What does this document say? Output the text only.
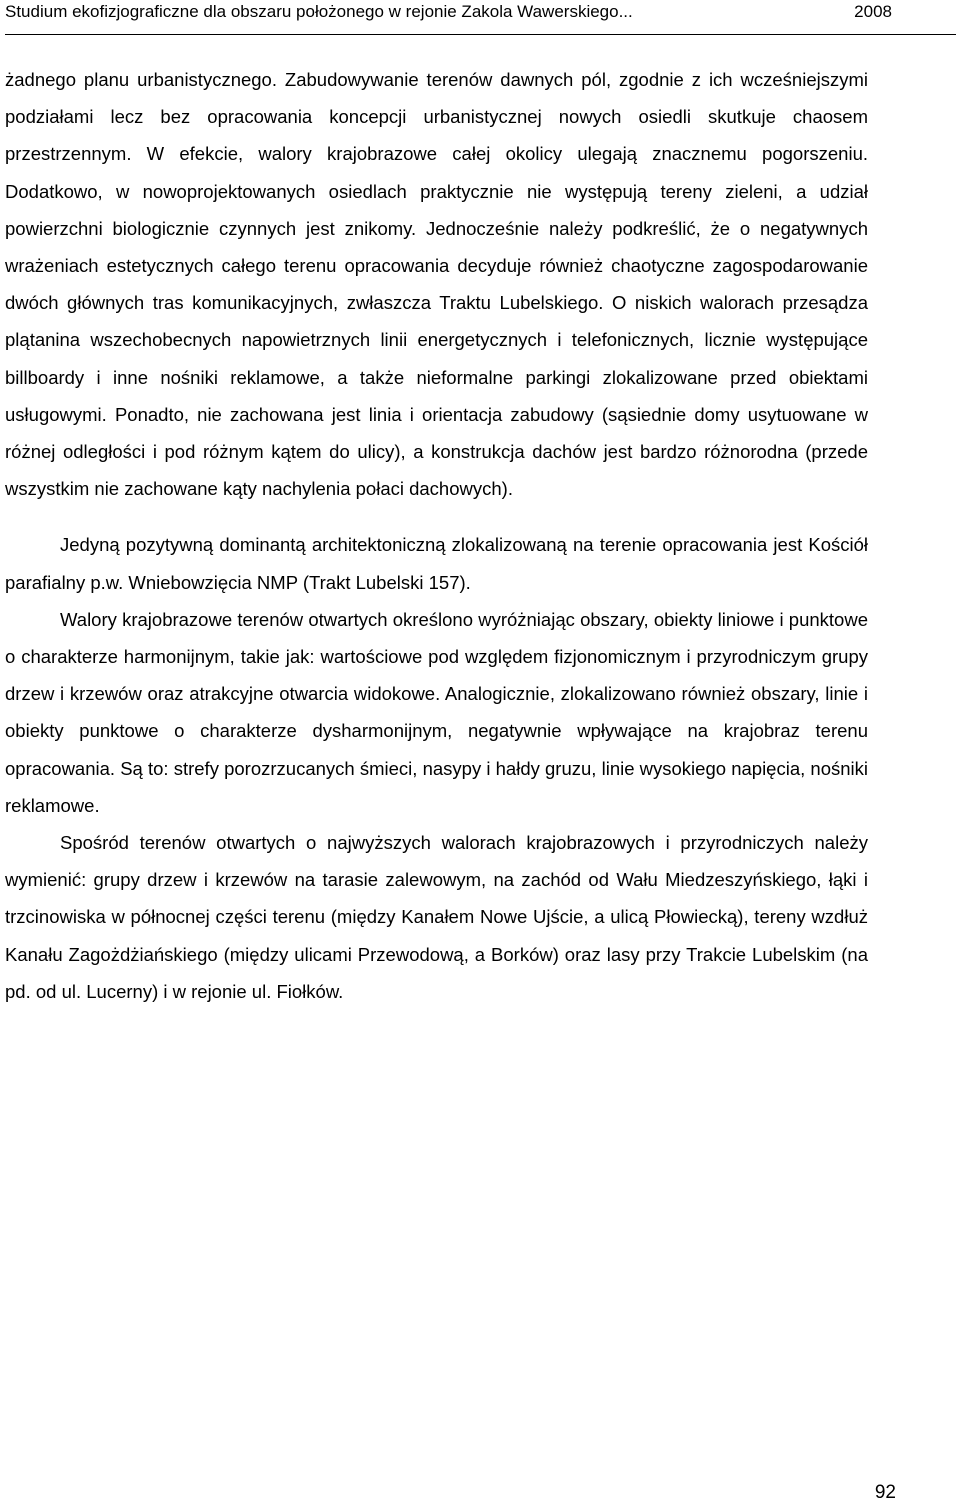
Studium ekofizjograficzne dla obszaru położonego w rejonie Zakola Wawerskiego...	2008

żadnego planu urbanistycznego. Zabudowywanie terenów dawnych pól, zgodnie z ich wcześniejszymi podziałami lecz bez opracowania koncepcji urbanistycznej nowych osiedli skutkuje chaosem przestrzennym. W efekcie, walory krajobrazowe całej okolicy ulegają znacznemu pogorszeniu. Dodatkowo, w nowoprojektowanych osiedlach praktycznie nie występują tereny zieleni, a udział powierzchni biologicznie czynnych jest znikomy. Jednocześnie należy podkreślić, że o negatywnych wrażeniach estetycznych całego terenu opracowania decyduje również chaotyczne zagospodarowanie dwóch głównych tras komunikacyjnych, zwłaszcza Traktu Lubelskiego. O niskich walorach przesądza plątanina wszechobecnych napowietrznych linii energetycznych i telefonicznych, licznie występujące billboardy i inne nośniki reklamowe, a także nieformalne parkingi zlokalizowane przed obiektami usługowymi. Ponadto, nie zachowana jest linia i orientacja zabudowy (sąsiednie domy usytuowane w różnej odległości i pod różnym kątem do ulicy), a konstrukcja dachów jest bardzo różnorodna (przede wszystkim nie zachowane kąty nachylenia połaci dachowych).

Jedyną pozytywną dominantą architektoniczną zlokalizowaną na terenie opracowania jest Kościół parafialny p.w. Wniebowzięcia NMP (Trakt Lubelski 157).

Walory krajobrazowe terenów otwartych określono wyróżniając obszary, obiekty liniowe i punktowe o charakterze harmonijnym, takie jak: wartościowe pod względem fizjonomicznym i przyrodniczym grupy drzew i krzewów oraz atrakcyjne otwarcia widokowe. Analogicznie, zlokalizowano również obszary, linie i obiekty punktowe o charakterze dysharmonijnym, negatywnie wpływające na krajobraz terenu opracowania. Są to: strefy porozrzucanych śmieci, nasypy i hałdy gruzu, linie wysokiego napięcia, nośniki reklamowe.

Spośród terenów otwartych o najwyższych walorach krajobrazowych i przyrodniczych należy wymienić: grupy drzew i krzewów na tarasie zalewowym, na zachód od Wału Miedzeszyńskiego, łąki i trzcinowiska w północnej części terenu (między Kanałem Nowe Ujście, a ulicą Płowiecką), tereny wzdłuż Kanału Zagożdżiańskiego (między ulicami Przewodową, a Borków) oraz lasy przy Trakcie Lubelskim (na pd. od ul. Lucerny) i w rejonie ul. Fiołków.

92
